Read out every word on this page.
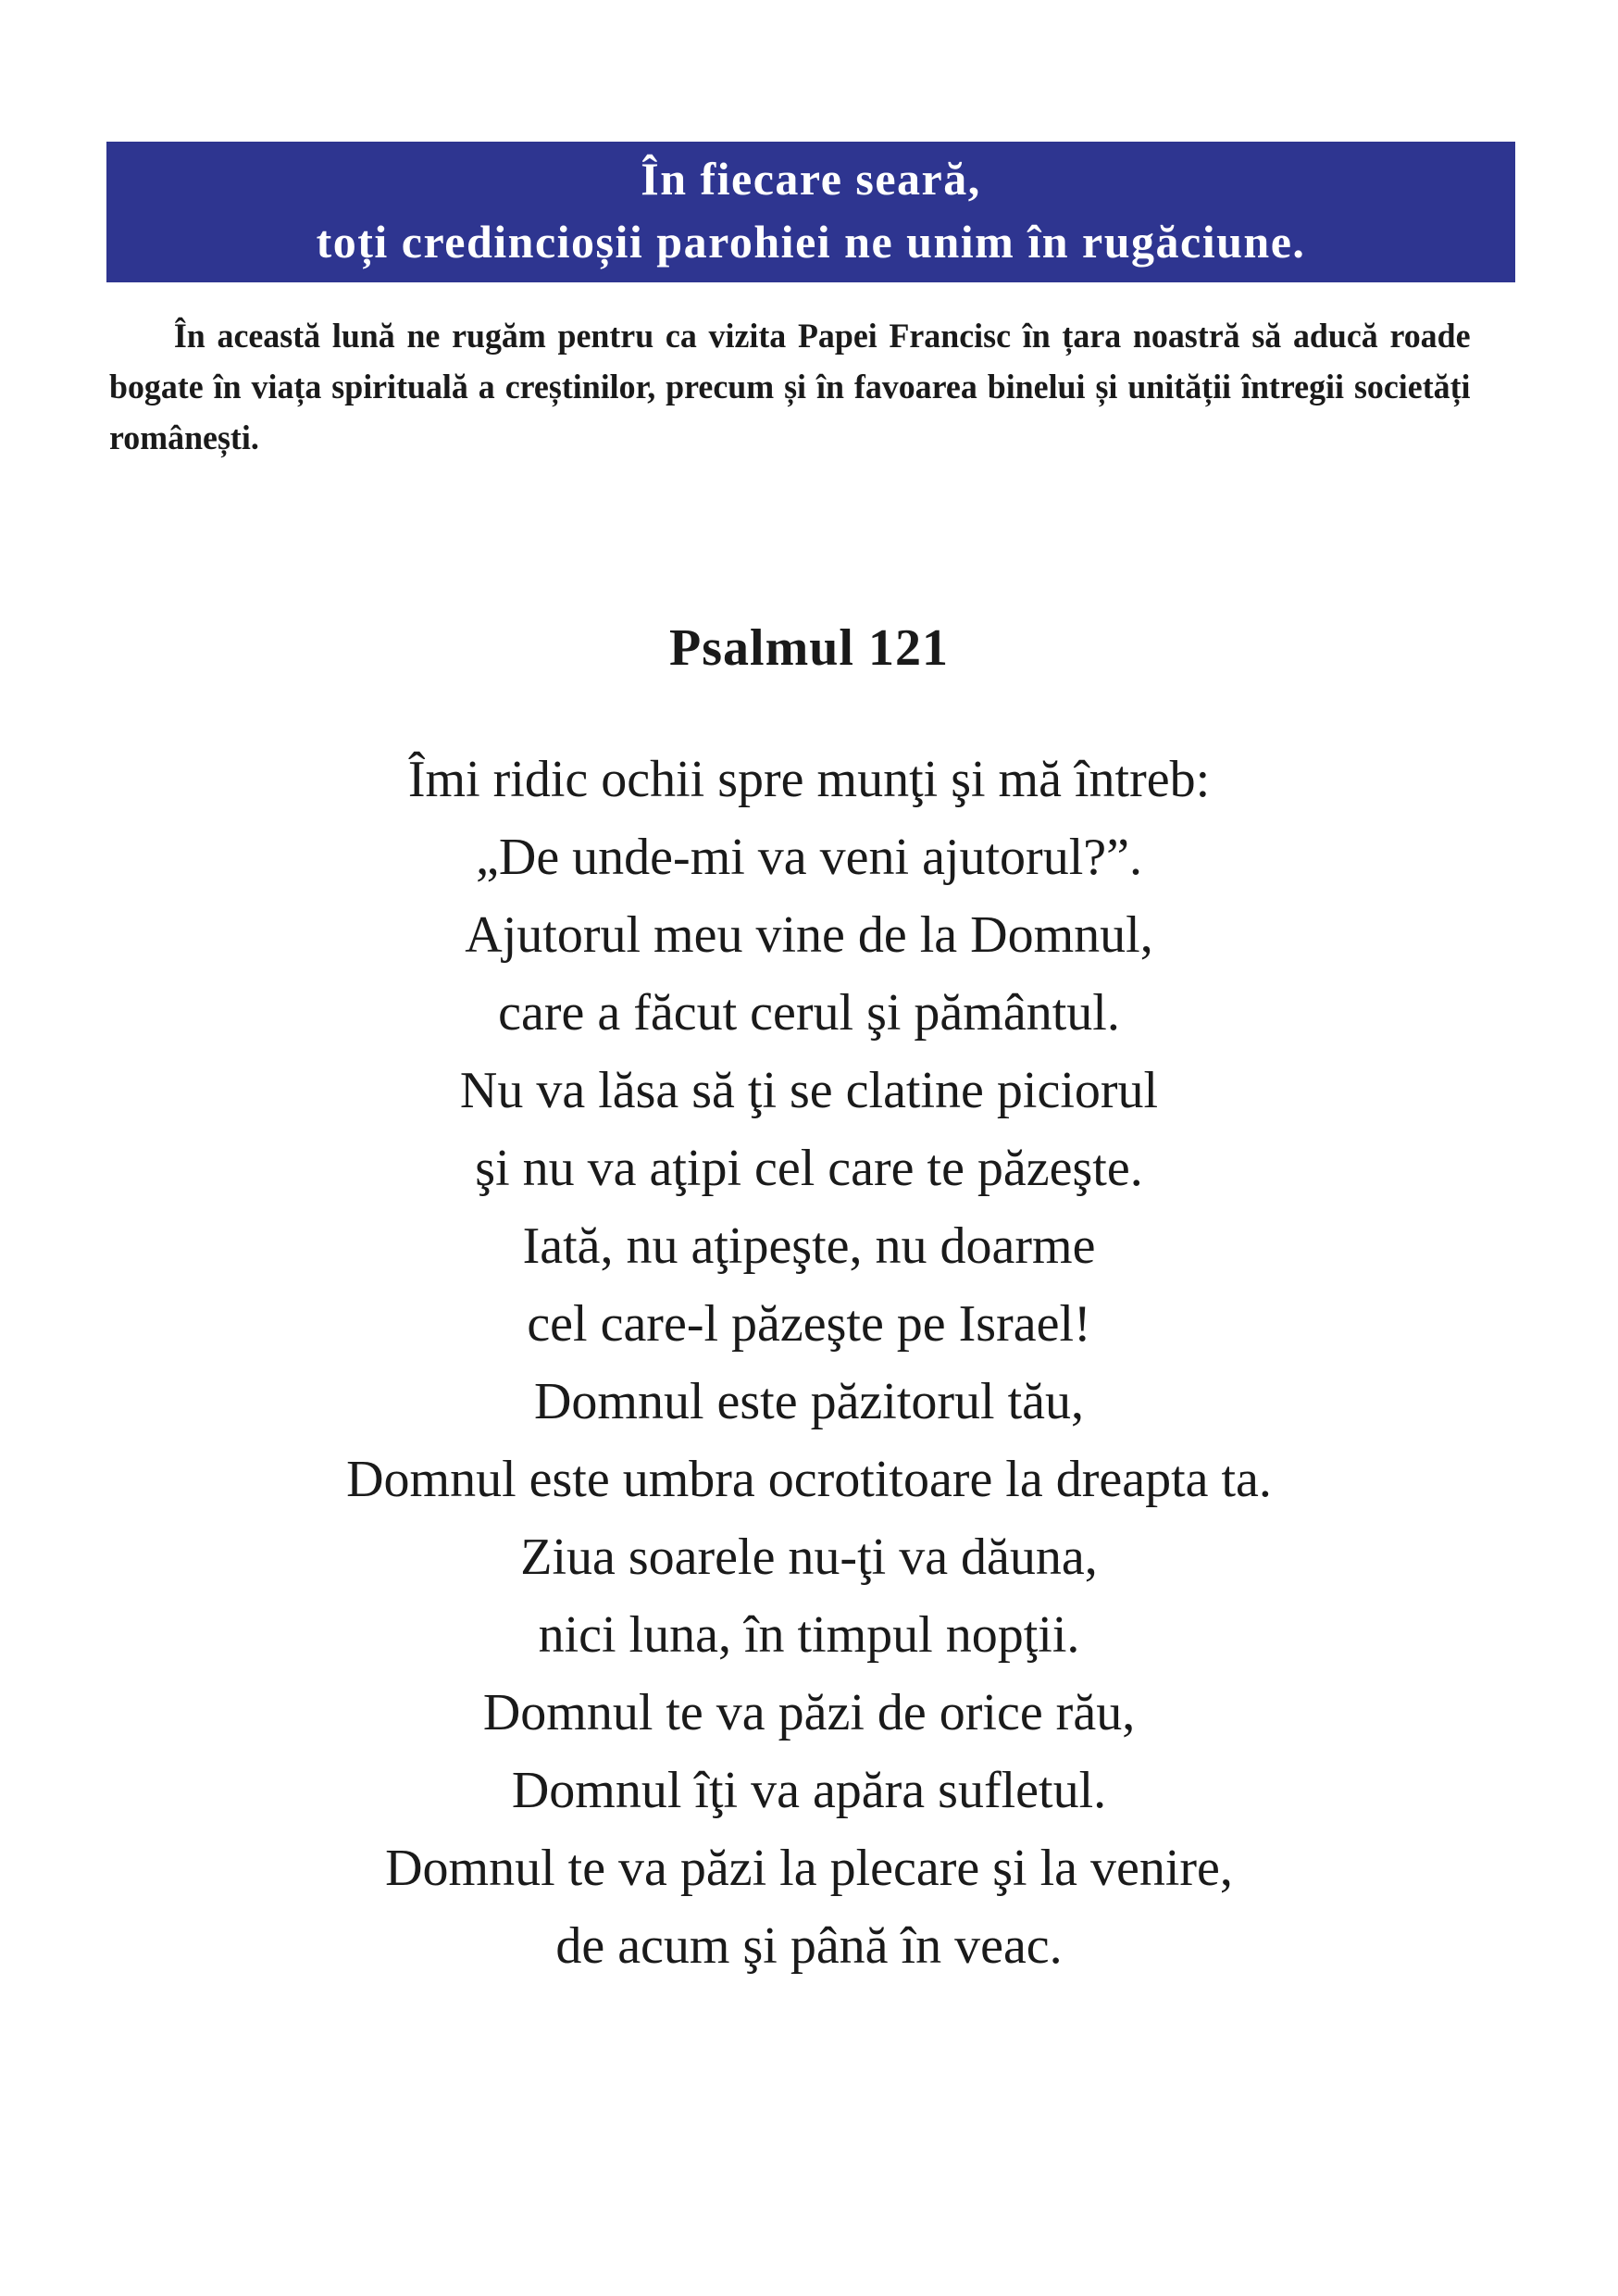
În fiecare seară,
toți credincioșii parohiei ne unim în rugăciune.

În această lună ne rugăm pentru ca vizita Papei Francisc în țara noastră să aducă roade bogate în viața spirituală a creștinilor, precum și în favoarea binelui și unității întregii societăți românești.

Psalmul 121
Îmi ridic ochii spre munţi şi mă întreb:
„De unde-mi va veni ajutorul?”.
Ajutorul meu vine de la Domnul,
care a făcut cerul şi pământul.
Nu va lăsa să ţi se clatine piciorul
şi nu va aţipi cel care te păzeşte.
Iată, nu aţipeşte, nu doarme
cel care-l păzeşte pe Israel!
Domnul este păzitorul tău,
Domnul este umbra ocrotitoare la dreapta ta.
Ziua soarele nu-ţi va dăuna,
nici luna, în timpul nopţii.
Domnul te va păzi de orice rău,
Domnul îţi va apăra sufletul.
Domnul te va păzi la plecare şi la venire,
de acum şi până în veac.
